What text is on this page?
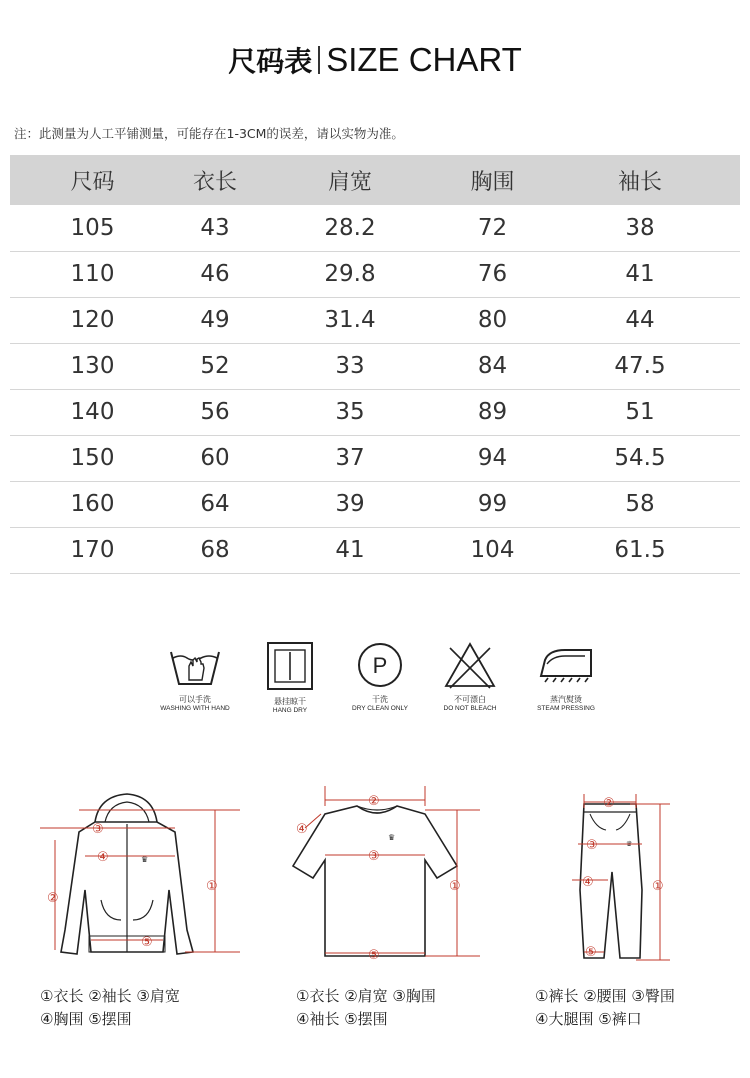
尺码表 SIZE CHART
注：此测量为人工平铺测量，可能存在1-3CM的误差，请以实物为准。
尺码	衣长	肩宽	胸围	袖长
105	43	28.2	72	38
110	46	29.8	76	41
120	49	31.4	80	44
130	52	33	84	47.5
140	56	35	89	51
150	60	37	94	54.5
160	64	39	99	58
170	68	41	104	61.5
可以手洗
WASHING WITH HAND
悬挂晾干
HANG DRY
P
干洗
DRY CLEAN ONLY
不可漂白
DO NOT BLEACH
蒸汽熨烫
STEAM PRESSING
♛
③
④
①
②
⑤
①衣长 ②袖长 ③肩宽
④胸围 ⑤摆围
♛
②
④
③
①
⑤
①衣长 ②肩宽 ③胸围
④袖长 ⑤摆围
♛
②
③
④	①
⑤
①裤长 ②腰围 ③臀围
④大腿围 ⑤裤口
